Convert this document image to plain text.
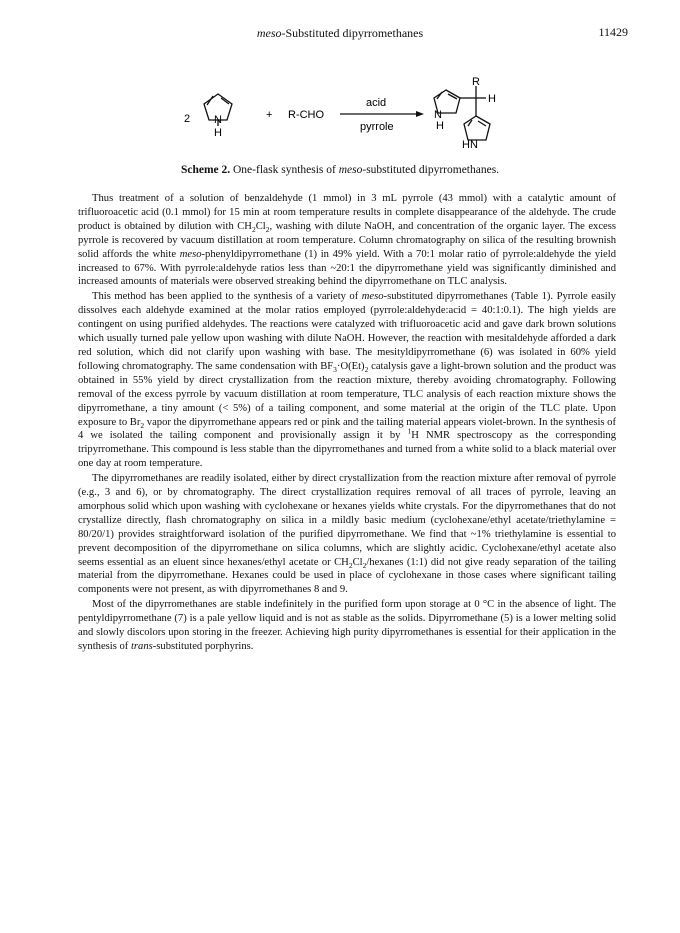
meso-Substituted dipyrromethanes	11429
2 N
H
+ R-CHO
acid
pyrrole
R
H
N
H
HN
Scheme 2. One-flask synthesis of meso-substituted dipyrromethanes.

Thus treatment of a solution of benzaldehyde (1 mmol) in 3 mL pyrrole (43 mmol) with a catalytic amount of trifluoroacetic acid (0.1 mmol) for 15 min at room temperature results in complete disappearance of the aldehyde. The crude product is obtained by dilution with $CH_2Cl_2$, washing with dilute NaOH, and concentration of the organic layer. The excess pyrrole is recovered by vacuum distillation at room temperature. Column chromatography on silica of the resulting brownish solid affords the white meso-phenyldipyrromethane (1) in 49% yield. With a 70:1 molar ratio of pyrrole:aldehyde the yield increased to 67%. With pyrrole:aldehyde ratios less than ~20:1 the dipyrromethane yield was significantly diminished and increased amounts of materials were observed streaking behind the dipyrromethane on TLC analysis.

This method has been applied to the synthesis of a variety of meso-substituted dipyrromethanes (Table 1). Pyrrole easily dissolves each aldehyde examined at the molar ratios employed (pyrrole:aldehyde:acid = 40:1:0.1). The high yields are contingent on using purified aldehydes. The reactions were catalyzed with trifluoroacetic acid and gave dark brown solutions which usually turned pale yellow upon washing with dilute NaOH. However, the reaction with mesitaldehyde afforded a dark red solution, which did not clarify upon washing with base. The mesityldipyrromethane (6) was isolated in 60% yield following chromatography. The same condensation with $BF_3\cdot O(Et)_2$ catalysis gave a light-brown solution and the product was obtained in 55% yield by direct crystallization from the reaction mixture, thereby avoiding chromatography. Following removal of the excess pyrrole by vacuum distillation at room temperature, TLC analysis of each reaction mixture shows the dipyrromethane, a tiny amount (< 5%) of a tailing component, and some material at the origin of the TLC plate. Upon exposure to $Br_2$ vapor the dipyrromethane appears red or pink and the tailing material appears violet-brown. In the synthesis of 4 we isolated the tailing component and provisionally assign it by $^1$H NMR spectroscopy as the corresponding tripyrromethane. This compound is less stable than the dipyrromethanes and turned from a white solid to a black material over one day at room temperature.

The dipyrromethanes are readily isolated, either by direct crystallization from the reaction mixture after removal of pyrrole (e.g., 3 and 6), or by chromatography. The direct crystallization requires removal of all traces of pyrrole, leaving an amorphous solid which upon washing with cyclohexane or hexanes yields white crystals. For the dipyrromethanes that do not crystallize directly, flash chromatography on silica in a mildly basic medium (cyclohexane/ethyl acetate/triethylamine = 80/20/1) provides straightforward isolation of the purified dipyrromethane. We find that ~1% triethylamine is essential to prevent decomposition of the dipyrromethane on silica columns, which are slightly acidic. Cyclohexane/ethyl acetate also seems essential as an eluent since hexanes/ethyl acetate or $CH_2Cl_2$/hexanes (1:1) did not give ready separation of the tailing material from the dipyrromethane. Hexanes could be used in place of cyclohexane in those cases where significant tailing components were not present, as with dipyrromethanes 8 and 9.

Most of the dipyrromethanes are stable indefinitely in the purified form upon storage at 0 °C in the absence of light. The pentyldipyrromethane (7) is a pale yellow liquid and is not as stable as the solids. Dipyrromethane (5) is a lower melting solid and slowly discolors upon storing in the freezer. Achieving high purity dipyrromethanes is essential for their application in the synthesis of trans-substituted porphyrins.
